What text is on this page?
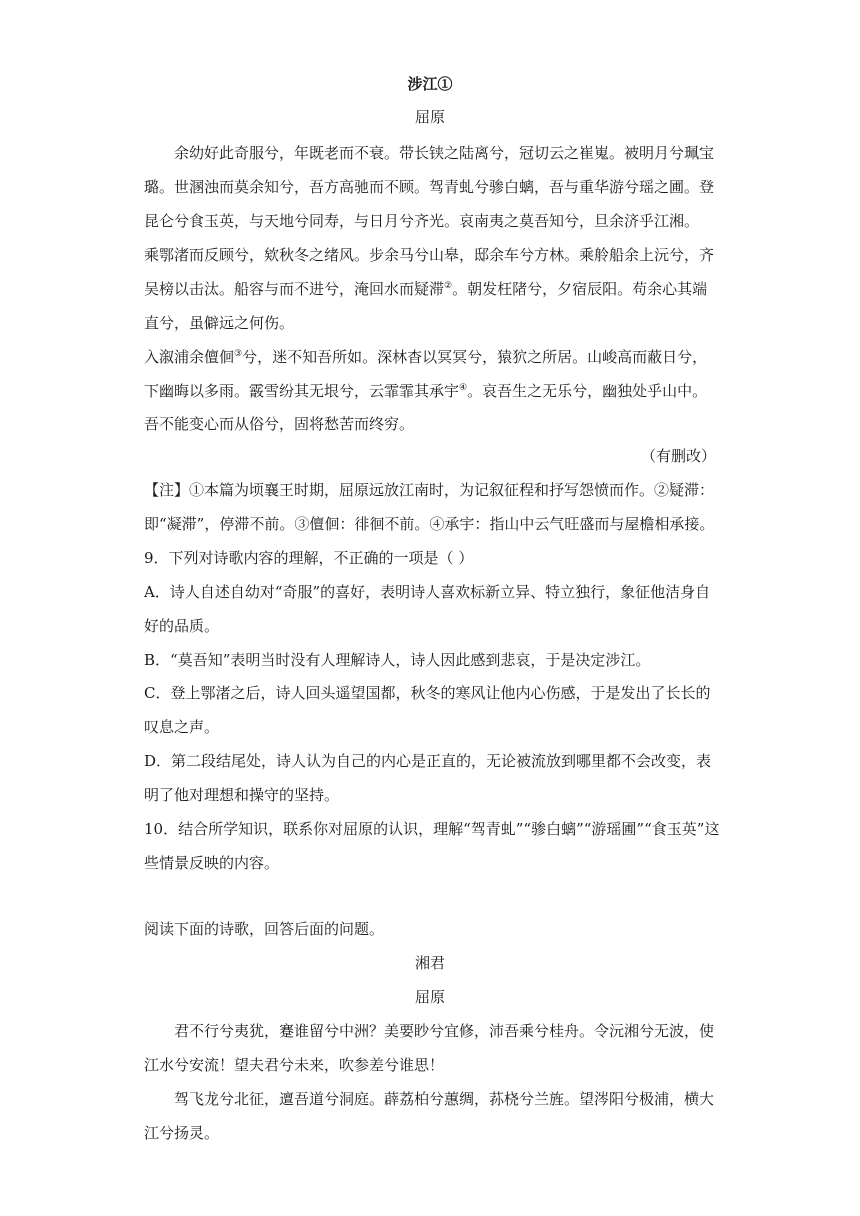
涉江①
屈原
余幼好此奇服兮，年既老而不衰。带长铗之陆离兮，冠切云之崔嵬。被明月兮珮宝
璐。世溷浊而莫余知兮，吾方高驰而不顾。驾青虬兮骖白螭，吾与重华游兮瑶之圃。登
昆仑兮食玉英，与天地兮同寿，与日月兮齐光。哀南夷之莫吾知兮，旦余济乎江湘。
乘鄂渚而反顾兮，欸秋冬之绪风。步余马兮山皋，邸余车兮方林。乘舲船余上沅兮，齐
吴榜以击汰。船容与而不进兮，淹回水而疑滞②。朝发枉陼兮，夕宿辰阳。苟余心其端
直兮，虽僻远之何伤。
入溆浦余儃佪③兮，迷不知吾所如。深林杳以冥冥兮，猿狖之所居。山峻高而蔽日兮，
下幽晦以多雨。霰雪纷其无垠兮，云霏霏其承宇④。哀吾生之无乐兮，幽独处乎山中。
吾不能变心而从俗兮，固将愁苦而终穷。
（有删改）
【注】①本篇为顷襄王时期，屈原远放江南时，为记叙征程和抒写怨愤而作。②疑滞：
即“凝滞”，停滞不前。③儃佪：徘徊不前。④承宇：指山中云气旺盛而与屋檐相承接。
9．下列对诗歌内容的理解，不正确的一项是（ ）
A．诗人自述自幼对“奇服”的喜好，表明诗人喜欢标新立异、特立独行，象征他洁身自
好的品质。
B．“莫吾知”表明当时没有人理解诗人，诗人因此感到悲哀，于是决定涉江。
C．登上鄂渚之后，诗人回头遥望国都，秋冬的寒风让他内心伤感，于是发出了长长的
叹息之声。
D．第二段结尾处，诗人认为自己的内心是正直的，无论被流放到哪里都不会改变，表
明了他对理想和操守的坚持。
10．结合所学知识，联系你对屈原的认识，理解“驾青虬”“骖白螭”“游瑶圃”“食玉英”这
些情景反映的内容。
阅读下面的诗歌，回答后面的问题。
湘君
屈原
君不行兮夷犹，蹇谁留兮中洲？美要眇兮宜修，沛吾乘兮桂舟。令沅湘兮无波，使
江水兮安流！望夫君兮未来，吹参差兮谁思！
驾飞龙兮北征，邅吾道兮洞庭。薜荔柏兮蕙绸，荪桡兮兰旌。望涔阳兮极浦，横大
江兮扬灵。
